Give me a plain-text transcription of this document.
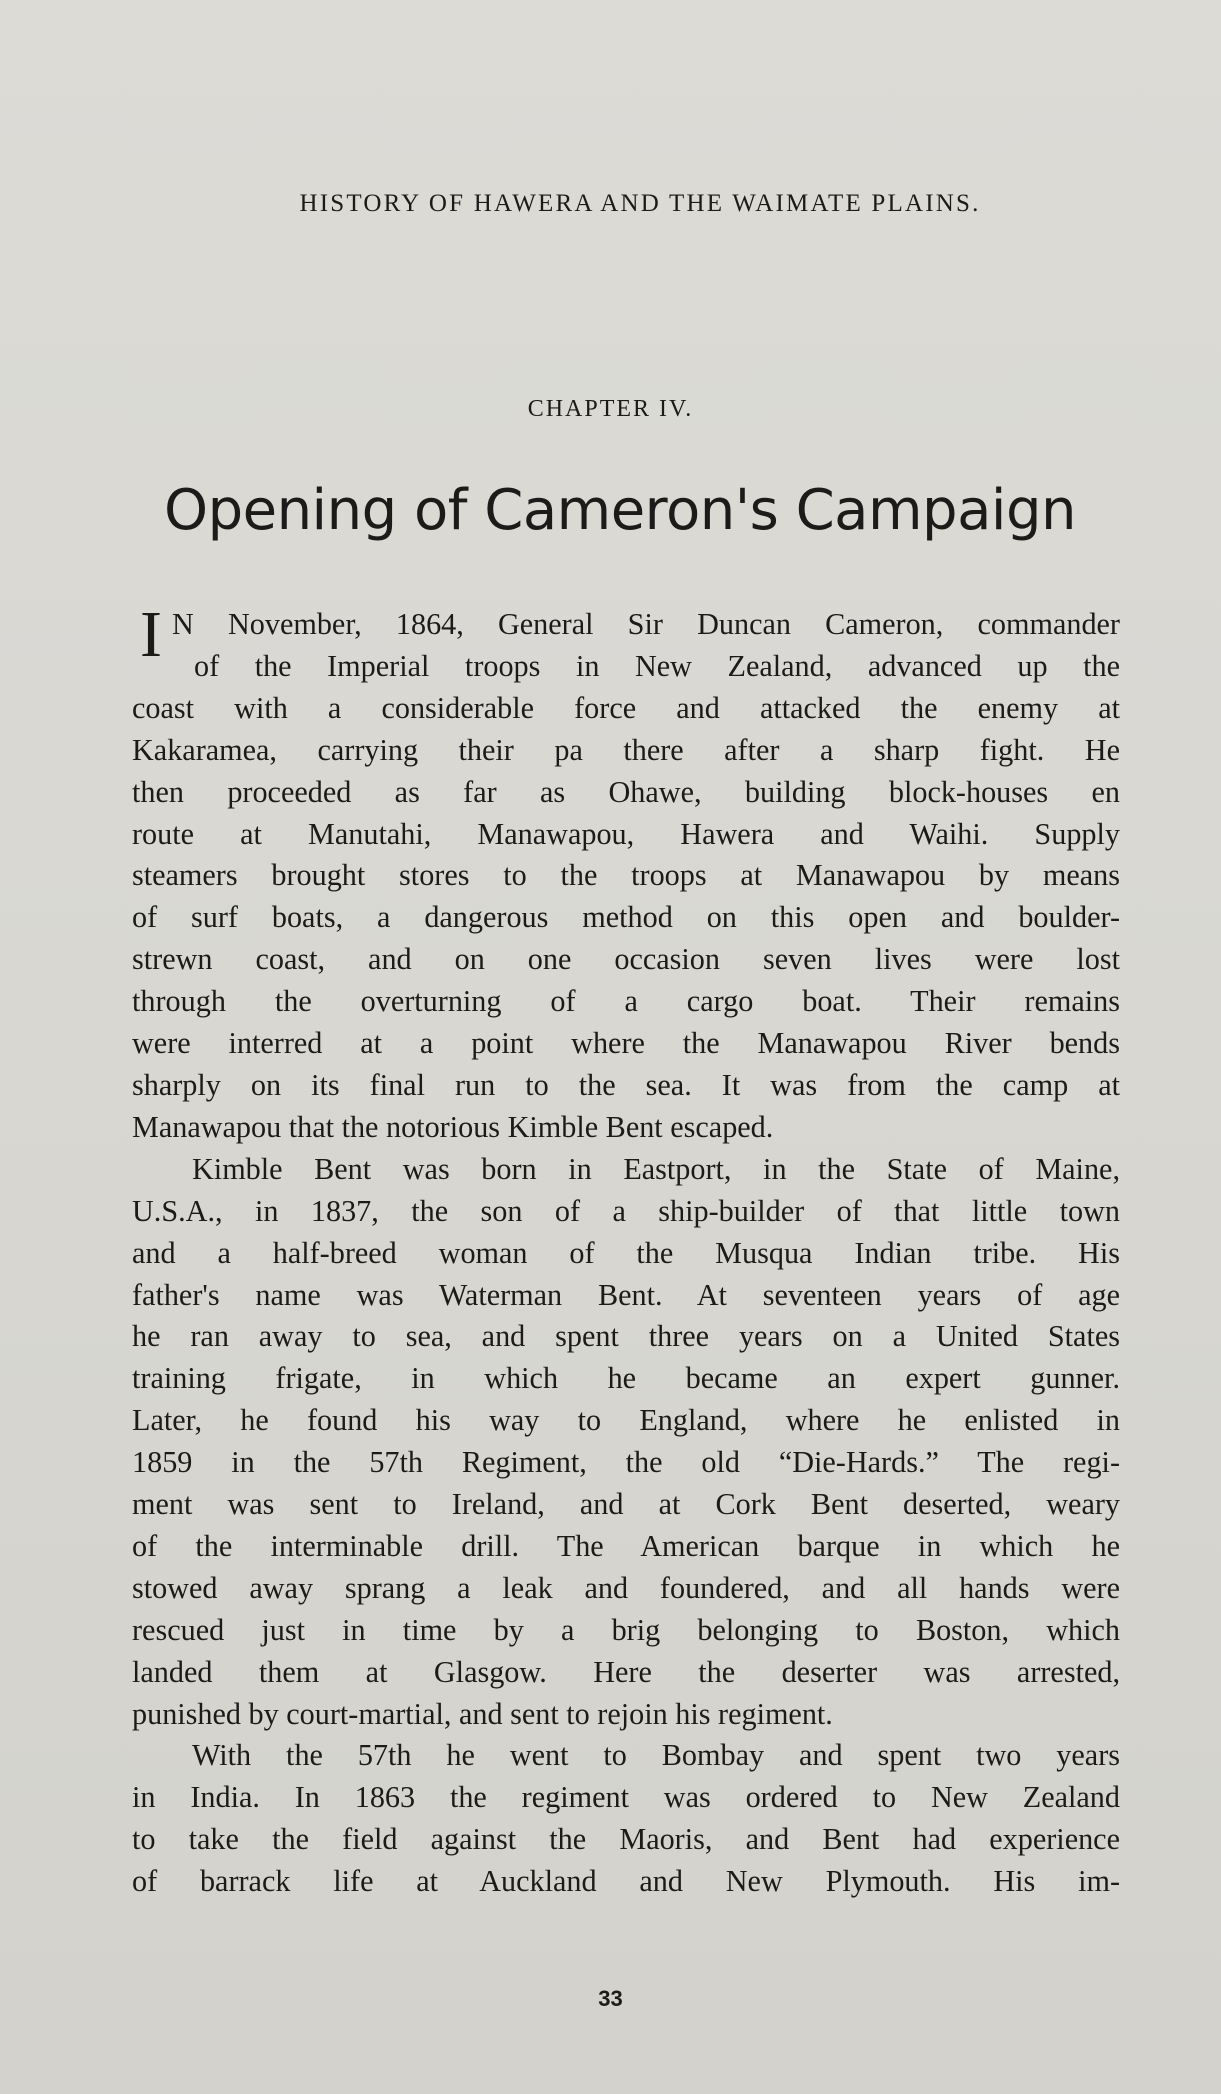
HISTORY OF HAWERA AND THE WAIMATE PLAINS.
CHAPTER IV.
Opening of Cameron's Campaign
I N November, 1864, General Sir Duncan Cameron, commander

of the Imperial troops in New Zealand, advanced up the

coast with a considerable force and attacked the enemy at

Kakaramea, carrying their pa there after a sharp fight. He

then proceeded as far as Ohawe, building block-houses en

route at Manutahi, Manawapou, Hawera and Waihi. Supply

steamers brought stores to the troops at Manawapou by means

of surf boats, a dangerous method on this open and boulder-

strewn coast, and on one occasion seven lives were lost

through the overturning of a cargo boat. Their remains

were interred at a point where the Manawapou River bends

sharply on its final run to the sea. It was from the camp at

Manawapou that the notorious Kimble Bent escaped.

Kimble Bent was born in Eastport, in the State of Maine,

U.S.A., in 1837, the son of a ship-builder of that little town

and a half-breed woman of the Musqua Indian tribe. His

father's name was Waterman Bent. At seventeen years of age

he ran away to sea, and spent three years on a United States

training frigate, in which he became an expert gunner.

Later, he found his way to England, where he enlisted in

1859 in the 57th Regiment, the old “Die-Hards.” The regi-

ment was sent to Ireland, and at Cork Bent deserted, weary

of the interminable drill. The American barque in which he

stowed away sprang a leak and foundered, and all hands were

rescued just in time by a brig belonging to Boston, which

landed them at Glasgow. Here the deserter was arrested,

punished by court-martial, and sent to rejoin his regiment.

With the 57th he went to Bombay and spent two years

in India. In 1863 the regiment was ordered to New Zealand

to take the field against the Maoris, and Bent had experience

of barrack life at Auckland and New Plymouth. His im-

33
